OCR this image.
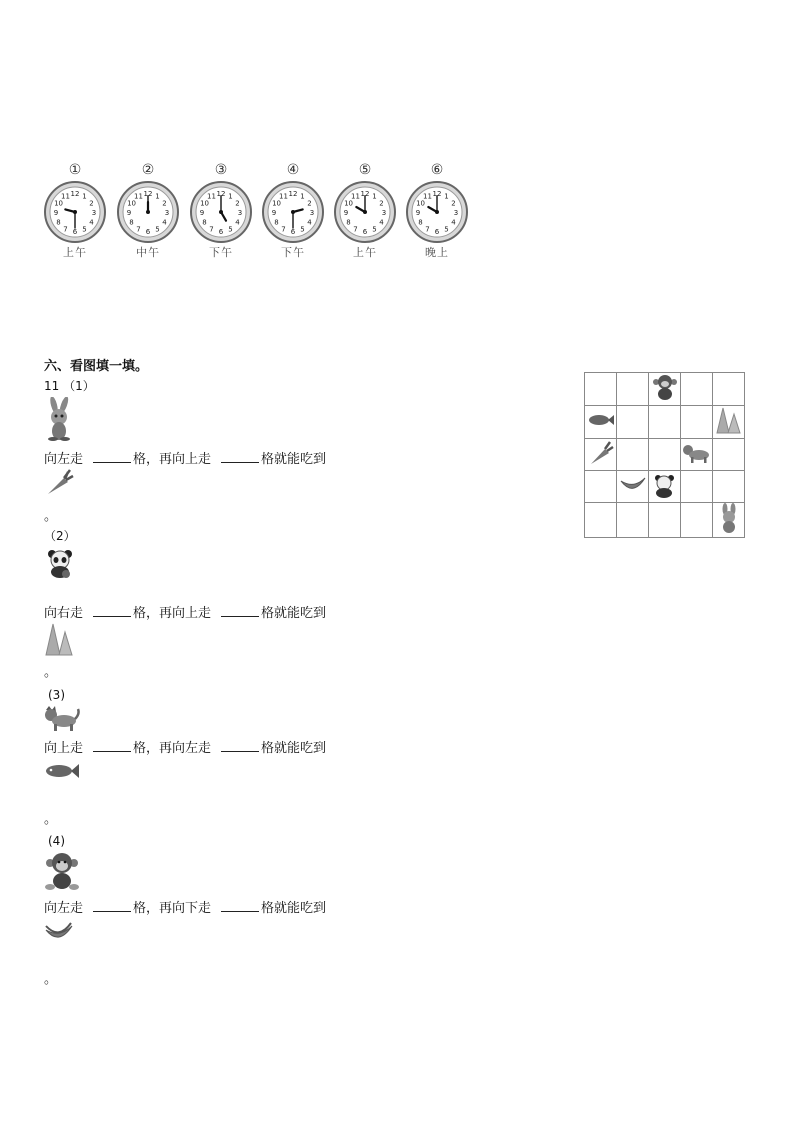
①
12 1
2
3
4
5
6
7
8
9
10
11
上午
②
12 1
2
3
4
5
6
7
8
9
10
11
中午
③
12 1
2
3
4
5
6
7
8
9
10
11
下午
④
12 1
2
3
4
5
6
7
8
9
10
11
下午
⑤
12 1
2
3
4
5
6
7
8
9
10
11
上午
⑥
12 1
2
3
4
5
6
7
8
9
10
11
晚上
六、看图填一填。
11 （1）
向左走	格，再向上走	格就能吃到
。
（2）
向右走	格，再向上走	格就能吃到
。
(3)
向上走	格，再向左走	格就能吃到
。
(4)
向左走	格，再向下走	格就能吃到
。
